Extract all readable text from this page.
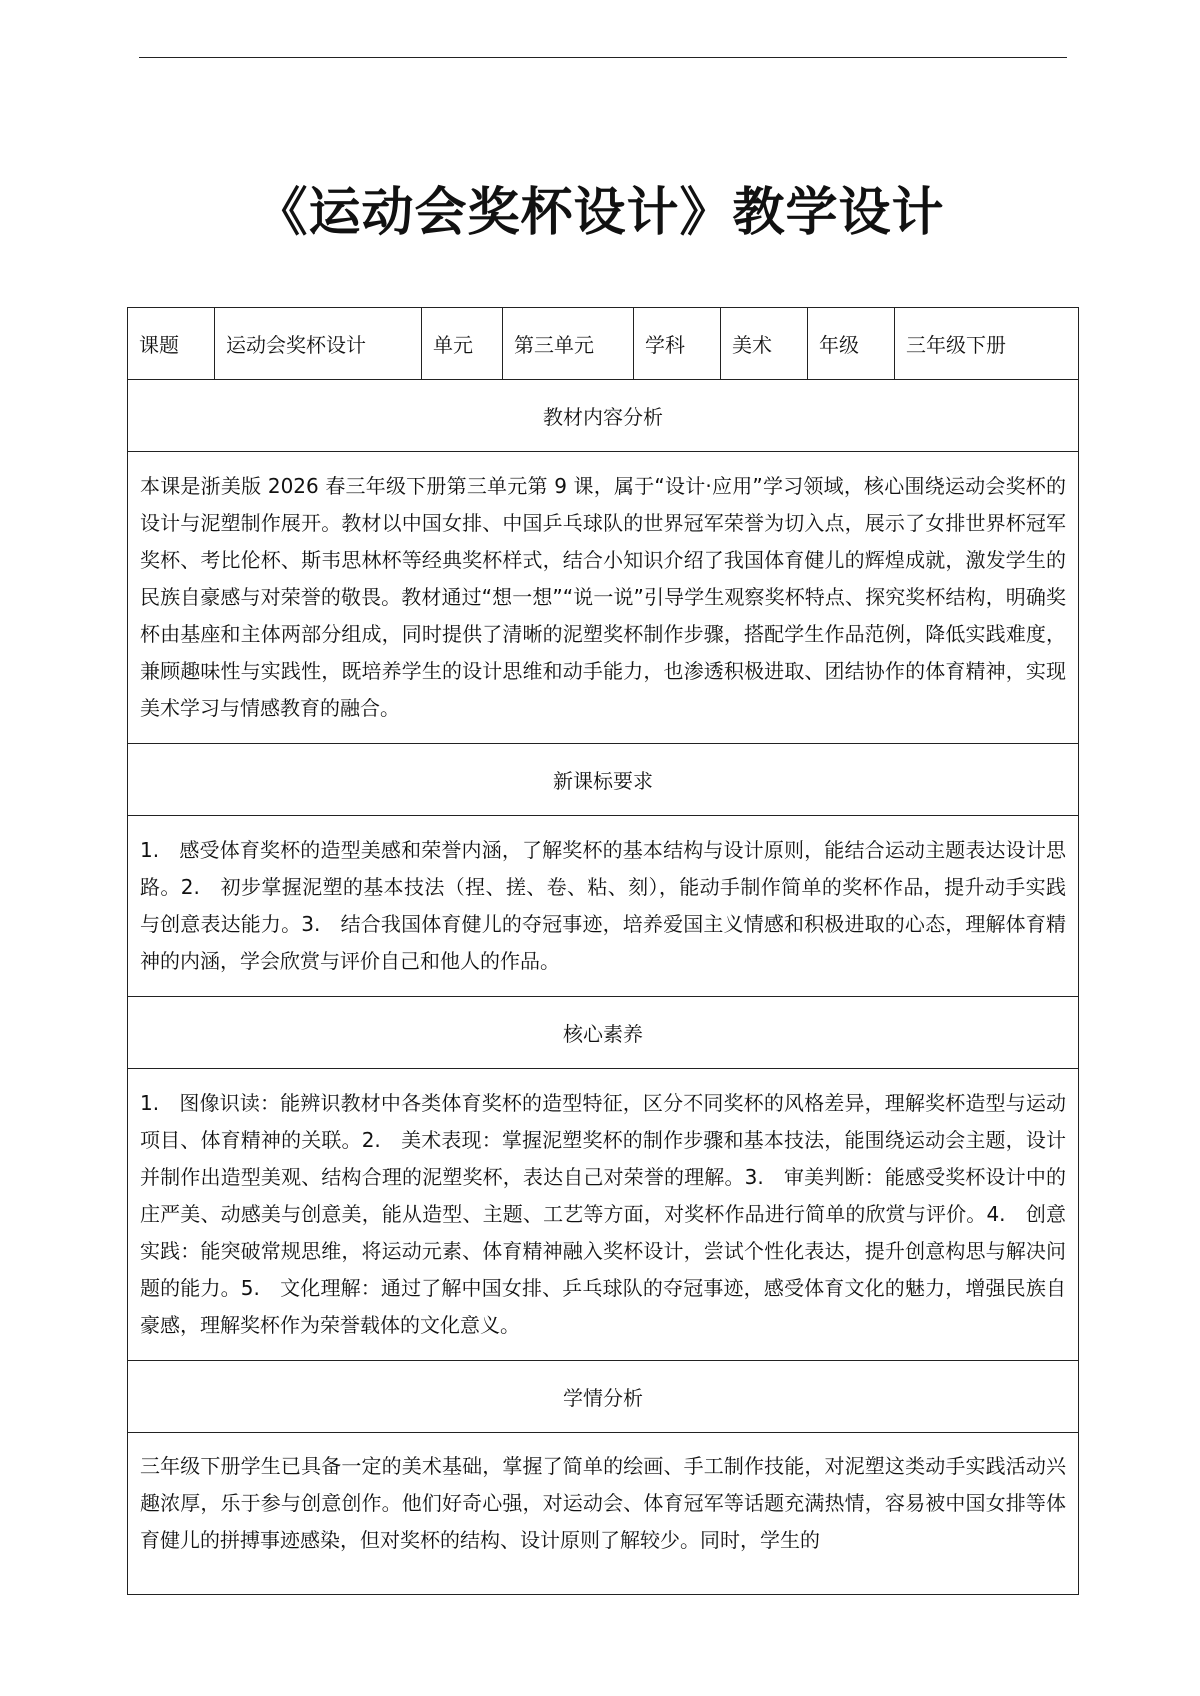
《运动会奖杯设计》教学设计
课题	运动会奖杯设计	单元	第三单元	学科	美术	年级	三年级下册
教材内容分析
本课是浙美版 2026 春三年级下册第三单元第 9 课，属于“设计·应用”学习领域，核心围绕运动会奖杯的设计与泥塑制作展开。教材以中国女排、中国乒乓球队的世界冠军荣誉为切入点，展示了女排世界杯冠军奖杯、考比伦杯、斯韦思林杯等经典奖杯样式，结合小知识介绍了我国体育健儿的辉煌成就，激发学生的民族自豪感与对荣誉的敬畏。教材通过“想一想”“说一说”引导学生观察奖杯特点、探究奖杯结构，明确奖杯由基座和主体两部分组成，同时提供了清晰的泥塑奖杯制作步骤，搭配学生作品范例，降低实践难度，兼顾趣味性与实践性，既培养学生的设计思维和动手能力，也渗透积极进取、团结协作的体育精神，实现美术学习与情感教育的融合。
新课标要求
1.　感受体育奖杯的造型美感和荣誉内涵，了解奖杯的基本结构与设计原则，能结合运动主题表达设计思路。2.　初步掌握泥塑的基本技法（捏、搓、卷、粘、刻），能动手制作简单的奖杯作品，提升动手实践与创意表达能力。3.　结合我国体育健儿的夺冠事迹，培养爱国主义情感和积极进取的心态，理解体育精神的内涵，学会欣赏与评价自己和他人的作品。
核心素养
1.　图像识读：能辨识教材中各类体育奖杯的造型特征，区分不同奖杯的风格差异，理解奖杯造型与运动项目、体育精神的关联。2.　美术表现：掌握泥塑奖杯的制作步骤和基本技法，能围绕运动会主题，设计并制作出造型美观、结构合理的泥塑奖杯，表达自己对荣誉的理解。3.　审美判断：能感受奖杯设计中的庄严美、动感美与创意美，能从造型、主题、工艺等方面，对奖杯作品进行简单的欣赏与评价。4.　创意实践：能突破常规思维，将运动元素、体育精神融入奖杯设计，尝试个性化表达，提升创意构思与解决问题的能力。5.　文化理解：通过了解中国女排、乒乓球队的夺冠事迹，感受体育文化的魅力，增强民族自豪感，理解奖杯作为荣誉载体的文化意义。
学情分析
三年级下册学生已具备一定的美术基础，掌握了简单的绘画、手工制作技能，对泥塑这类动手实践活动兴趣浓厚，乐于参与创意创作。他们好奇心强，对运动会、体育冠军等话题充满热情，容易被中国女排等体育健儿的拼搏事迹感染，但对奖杯的结构、设计原则了解较少。同时，学生的
